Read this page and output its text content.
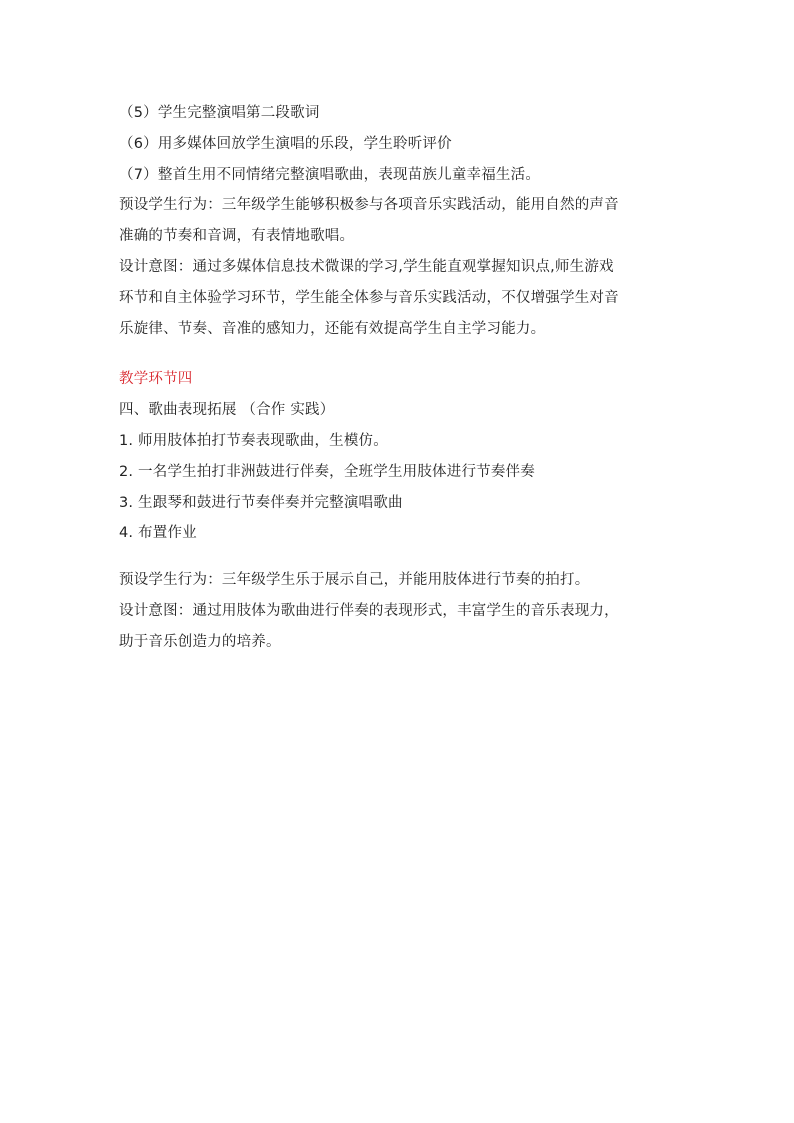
（5）学生完整演唱第二段歌词
（6）用多媒体回放学生演唱的乐段，学生聆听评价
（7）整首生用不同情绪完整演唱歌曲，表现苗族儿童幸福生活。
预设学生行为：三年级学生能够积极参与各项音乐实践活动，能用自然的声音
准确的节奏和音调，有表情地歌唱。
设计意图：通过多媒体信息技术微课的学习,学生能直观掌握知识点,师生游戏
环节和自主体验学习环节，学生能全体参与音乐实践活动，不仅增强学生对音
乐旋律、节奏、音准的感知力，还能有效提高学生自主学习能力。
教学环节四
四、歌曲表现拓展 （合作 实践）
1. 师用肢体拍打节奏表现歌曲，生模仿。
2. 一名学生拍打非洲鼓进行伴奏，全班学生用肢体进行节奏伴奏
3. 生跟琴和鼓进行节奏伴奏并完整演唱歌曲
4. 布置作业
预设学生行为：三年级学生乐于展示自己，并能用肢体进行节奏的拍打。
设计意图：通过用肢体为歌曲进行伴奏的表现形式，丰富学生的音乐表现力，
助于音乐创造力的培养。
